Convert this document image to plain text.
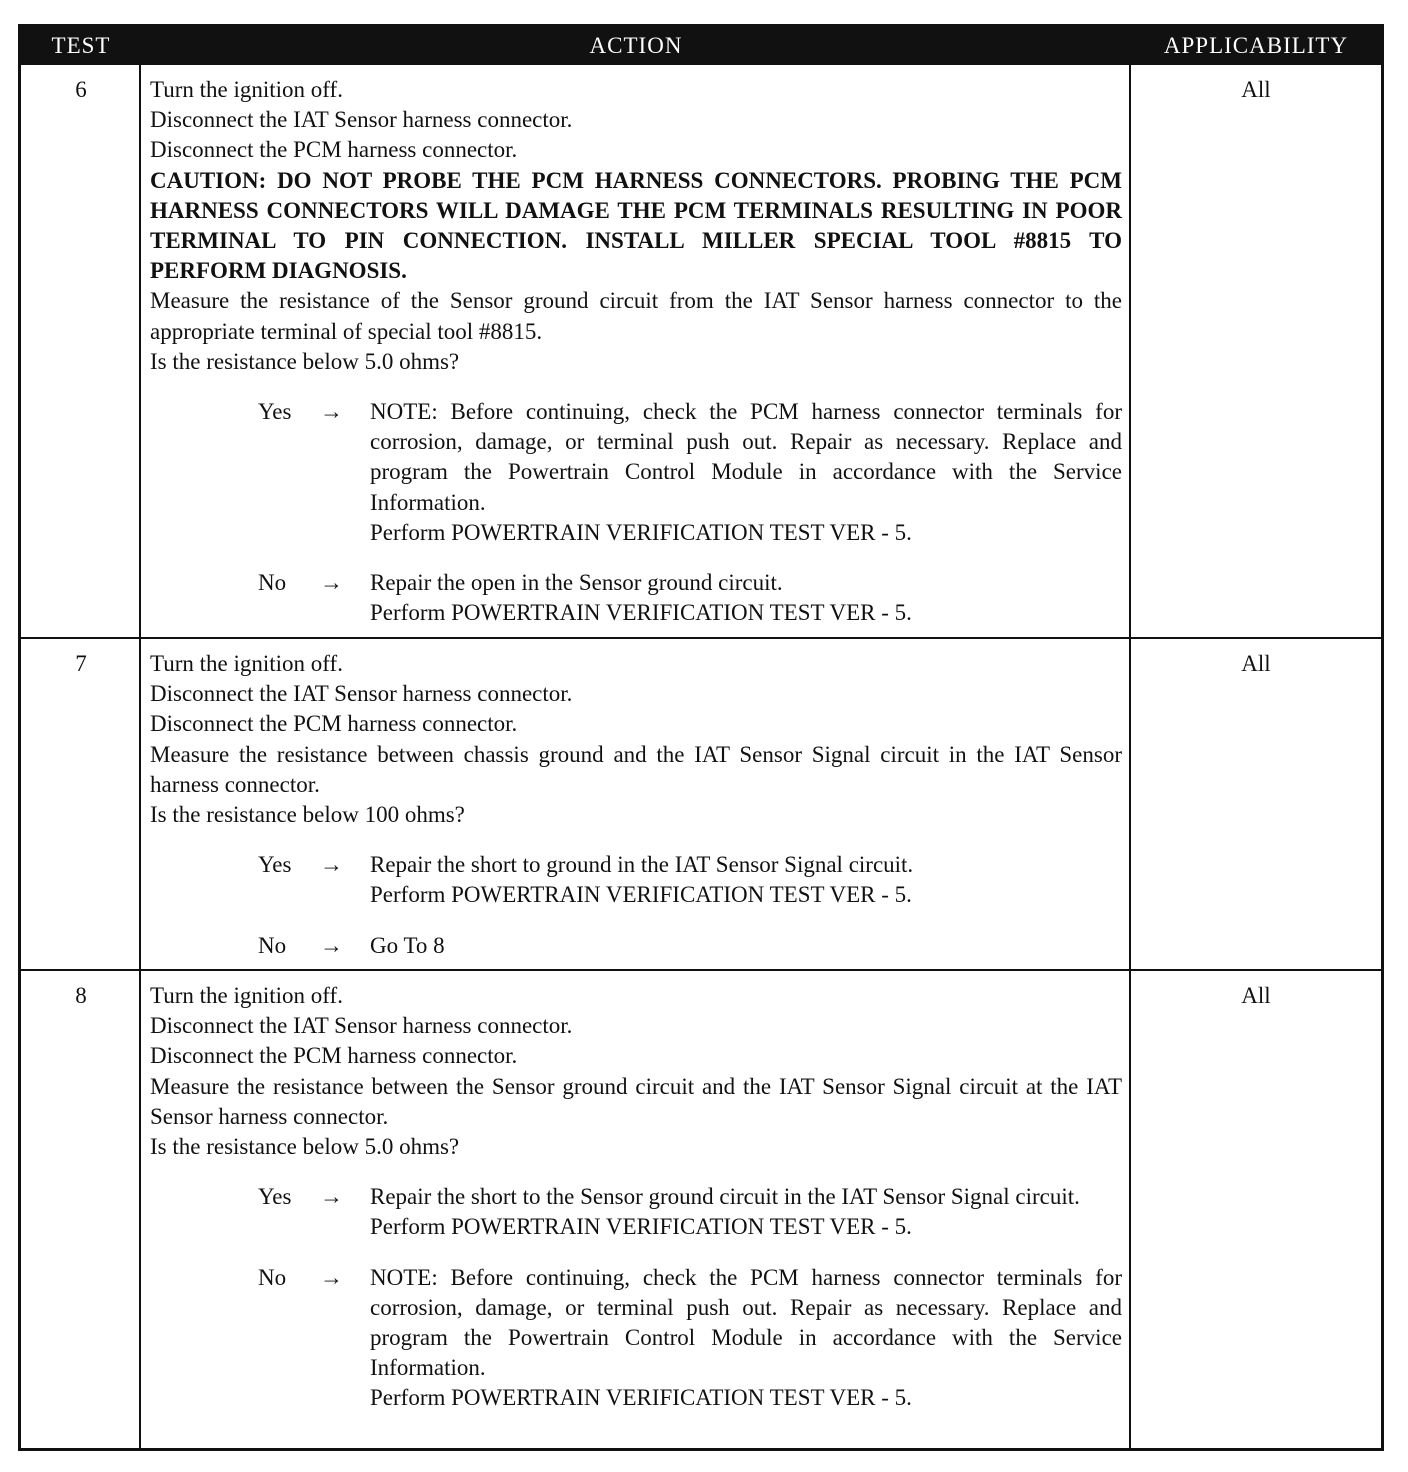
TEST	ACTION	APPLICABILITY
6	Turn the ignition off.
Disconnect the IAT Sensor harness connector.
Disconnect the PCM harness connector.
CAUTION: DO NOT PROBE THE PCM HARNESS CONNECTORS. PROBING THE PCM HARNESS CONNECTORS WILL DAMAGE THE PCM TERMINALS RESULTING IN POOR TERMINAL TO PIN CONNECTION. INSTALL MILLER SPECIAL TOOL #8815 TO PERFORM DIAGNOSIS.
Measure the resistance of the Sensor ground circuit from the IAT Sensor harness connector to the appropriate terminal of special tool #8815.
Is the resistance below 5.0 ohms?
Yes → NOTE: Before continuing, check the PCM harness connector terminals for corrosion, damage, or terminal push out. Repair as necessary. Replace and program the Powertrain Control Module in accordance with the Service Information.
Perform POWERTRAIN VERIFICATION TEST VER - 5.
No → Repair the open in the Sensor ground circuit.
Perform POWERTRAIN VERIFICATION TEST VER - 5.
All
7	Turn the ignition off.
Disconnect the IAT Sensor harness connector.
Disconnect the PCM harness connector.
Measure the resistance between chassis ground and the IAT Sensor Signal circuit in the IAT Sensor harness connector.
Is the resistance below 100 ohms?
Yes → Repair the short to ground in the IAT Sensor Signal circuit.
Perform POWERTRAIN VERIFICATION TEST VER - 5.
No → Go To 8
All
8	Turn the ignition off.
Disconnect the IAT Sensor harness connector.
Disconnect the PCM harness connector.
Measure the resistance between the Sensor ground circuit and the IAT Sensor Signal circuit at the IAT Sensor harness connector.
Is the resistance below 5.0 ohms?
Yes → Repair the short to the Sensor ground circuit in the IAT Sensor Signal circuit.
Perform POWERTRAIN VERIFICATION TEST VER - 5.
No → NOTE: Before continuing, check the PCM harness connector terminals for corrosion, damage, or terminal push out. Repair as necessary. Replace and program the Powertrain Control Module in accordance with the Service Information.
Perform POWERTRAIN VERIFICATION TEST VER - 5.
All
